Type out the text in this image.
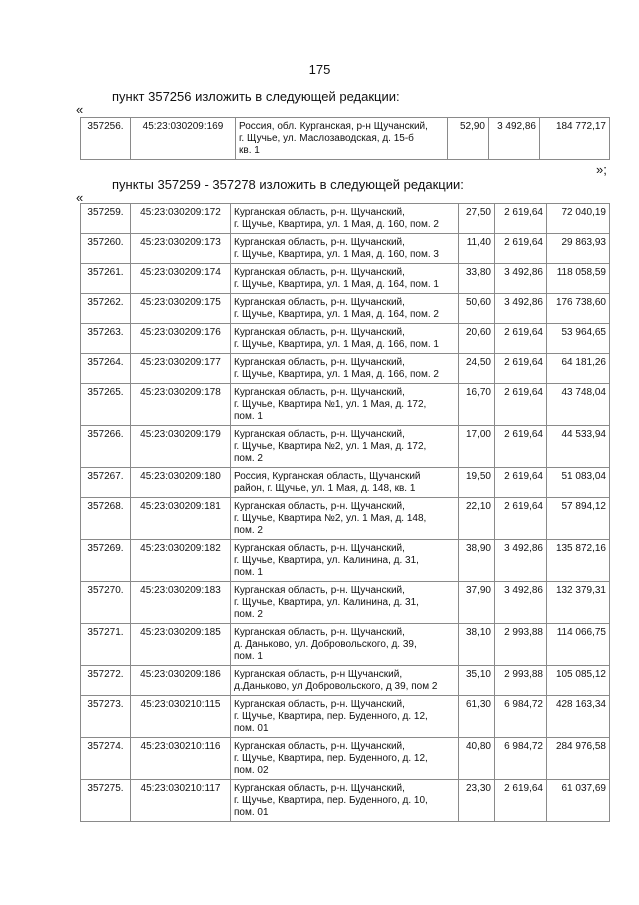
175
пункт 357256 изложить в следующей редакции:
«
357256.	45:23:030209:169	Россия, обл. Курганская, р-н Щучанский,
г. Щучье, ул. Маслозаводская, д. 15-б
кв. 1
	52,90	3 492,86	184 772,17
»;
пункты 357259 - 357278 изложить в следующей редакции:
«
357259.	45:23:030209:172	Курганская область, р-н. Щучанский,
г. Щучье, Квартира, ул. 1 Мая, д. 160, пом. 2	27,50	2 619,64	72 040,19
357260.	45:23:030209:173	Курганская область, р-н. Щучанский,
г. Щучье, Квартира, ул. 1 Мая, д. 160, пом. 3	11,40	2 619,64	29 863,93
357261.	45:23:030209:174	Курганская область, р-н. Щучанский,
г. Щучье, Квартира, ул. 1 Мая, д. 164, пом. 1	33,80	3 492,86	118 058,59
357262.	45:23:030209:175	Курганская область, р-н. Щучанский,
г. Щучье, Квартира, ул. 1 Мая, д. 164, пом. 2	50,60	3 492,86	176 738,60
357263.	45:23:030209:176	Курганская область, р-н. Щучанский,
г. Щучье, Квартира, ул. 1 Мая, д. 166, пом. 1	20,60	2 619,64	53 964,65
357264.	45:23:030209:177	Курганская область, р-н. Щучанский,
г. Щучье, Квартира, ул. 1 Мая, д. 166, пом. 2	24,50	2 619,64	64 181,26
357265.	45:23:030209:178	Курганская область, р-н. Щучанский,
г. Щучье, Квартира №1, ул. 1 Мая, д. 172,
пом. 1	16,70	2 619,64	43 748,04
357266.	45:23:030209:179	Курганская область, р-н. Щучанский,
г. Щучье, Квартира №2, ул. 1 Мая, д. 172,
пом. 2	17,00	2 619,64	44 533,94
357267.	45:23:030209:180	Россия, Курганская область, Щучанский
район, г. Щучье, ул. 1 Мая, д. 148, кв. 1	19,50	2 619,64	51 083,04
357268.	45:23:030209:181	Курганская область, р-н. Щучанский,
г. Щучье, Квартира №2, ул. 1 Мая, д. 148,
пом. 2	22,10	2 619,64	57 894,12
357269.	45:23:030209:182	Курганская область, р-н. Щучанский,
г. Щучье, Квартира, ул. Калинина, д. 31,
пом. 1	38,90	3 492,86	135 872,16
357270.	45:23:030209:183	Курганская область, р-н. Щучанский,
г. Щучье, Квартира, ул. Калинина, д. 31,
пом. 2	37,90	3 492,86	132 379,31
357271.	45:23:030209:185	Курганская область, р-н. Щучанский,
д. Даньково, ул. Добровольского, д. 39,
пом. 1	38,10	2 993,88	114 066,75
357272.	45:23:030209:186	Курганская область, р-н Щучанский,
д.Даньково, ул Добровольского, д 39, пом 2	35,10	2 993,88	105 085,12
357273.	45:23:030210:115	Курганская область, р-н. Щучанский,
г. Щучье, Квартира, пер. Буденного, д. 12,
пом. 01	61,30	6 984,72	428 163,34
357274.	45:23:030210:116	Курганская область, р-н. Щучанский,
г. Щучье, Квартира, пер. Буденного, д. 12,
пом. 02	40,80	6 984,72	284 976,58
357275.	45:23:030210:117	Курганская область, р-н. Щучанский,
г. Щучье, Квартира, пер. Буденного, д. 10,
пом. 01	23,30	2 619,64	61 037,69
